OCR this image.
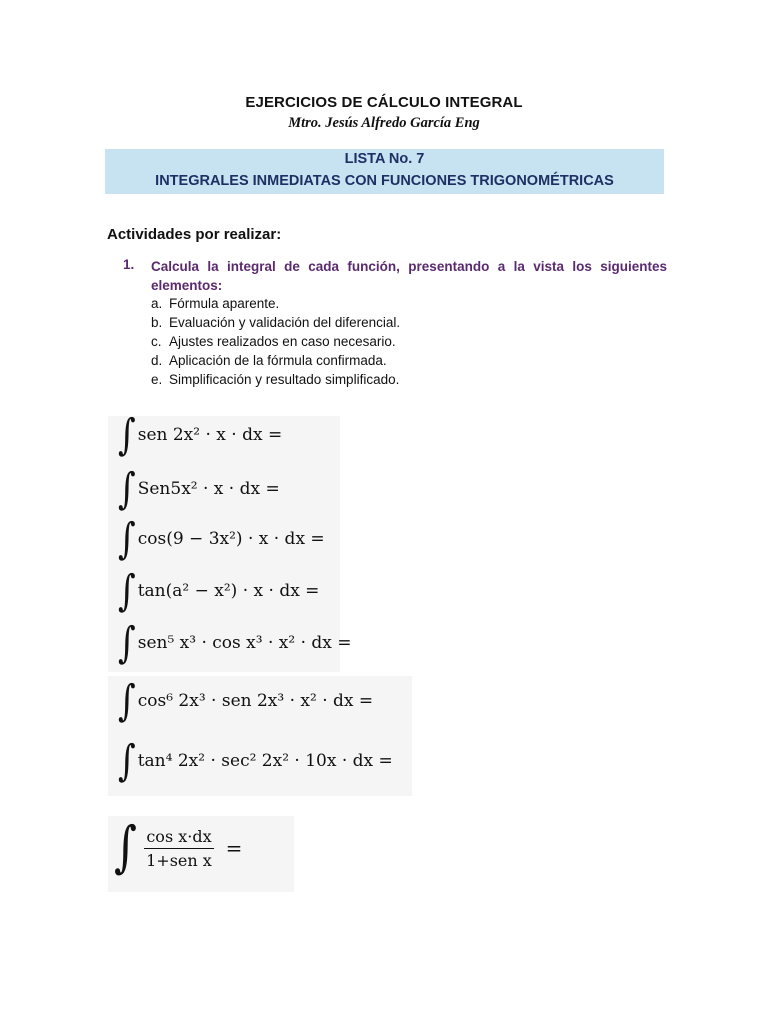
EJERCICIOS DE CÁLCULO INTEGRAL
Mtro. Jesús Alfredo García Eng
LISTA No. 7
INTEGRALES INMEDIATAS CON FUNCIONES TRIGONOMÉTRICAS
Actividades por realizar:
1. Calcula la integral de cada función, presentando a la vista los siguientes elementos:
a. Fórmula aparente.
b. Evaluación y validación del diferencial.
c. Ajustes realizados en caso necesario.
d. Aplicación de la fórmula confirmada.
e. Simplificación y resultado simplificado.
∫ sen 2x² · x · dx =
∫ Sen5x² · x · dx =
∫ cos(9 − 3x²) · x · dx =
∫ tan(a² − x²) · x · dx =
∫ sen⁵ x³ · cos x³ · x² · dx =
∫ cos⁶ 2x³ · sen 2x³ · x² · dx =
∫ tan⁴ 2x² · sec² 2x² · 10x · dx =
∫ $\frac{\text{cos x·dx}}{\text{1+sen x}}$ =
